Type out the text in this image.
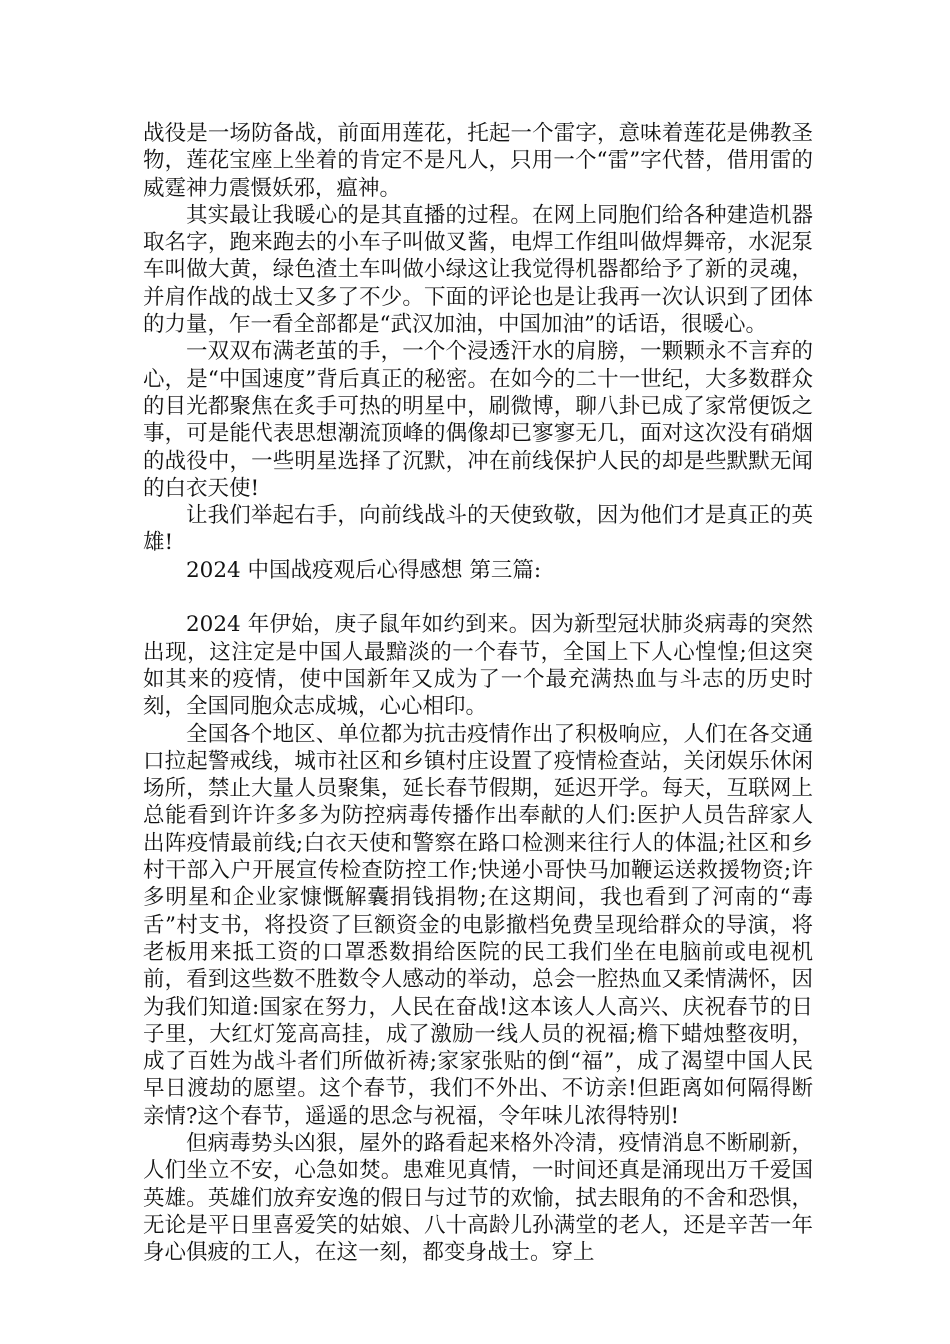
战役是一场防备战，前面用莲花，托起一个雷字，意味着莲花是佛教圣物，莲花宝座上坐着的肯定不是凡人，只用一个“雷”字代替，借用雷的威霆神力震慑妖邪，瘟神。

其实最让我暖心的是其直播的过程。在网上同胞们给各种建造机器取名字，跑来跑去的小车子叫做叉酱，电焊工作组叫做焊舞帝，水泥泵车叫做大黄，绿色渣土车叫做小绿这让我觉得机器都给予了新的灵魂，并肩作战的战士又多了不少。下面的评论也是让我再一次认识到了团体的力量，乍一看全部都是“武汉加油，中国加油”的话语，很暖心。

一双双布满老茧的手，一个个浸透汗水的肩膀，一颗颗永不言弃的心，是“中国速度”背后真正的秘密。在如今的二十一世纪，大多数群众的目光都聚焦在炙手可热的明星中，刷微博，聊八卦已成了家常便饭之事，可是能代表思想潮流顶峰的偶像却已寥寥无几，面对这次没有硝烟的战役中，一些明星选择了沉默，冲在前线保护人民的却是些默默无闻的白衣天使!

让我们举起右手，向前线战斗的天使致敬，因为他们才是真正的英雄!

2024 中国战疫观后心得感想 第三篇:

2024 年伊始，庚子鼠年如约到来。因为新型冠状肺炎病毒的突然出现，这注定是中国人最黯淡的一个春节，全国上下人心惶惶;但这突如其来的疫情，使中国新年又成为了一个最充满热血与斗志的历史时刻，全国同胞众志成城，心心相印。

全国各个地区、单位都为抗击疫情作出了积极响应，人们在各交通口拉起警戒线，城市社区和乡镇村庄设置了疫情检查站，关闭娱乐休闲场所，禁止大量人员聚集，延长春节假期，延迟开学。每天，互联网上总能看到许许多多为防控病毒传播作出奉献的人们:医护人员告辞家人出阵疫情最前线;白衣天使和警察在路口检测来往行人的体温;社区和乡村干部入户开展宣传检查防控工作;快递小哥快马加鞭运送救援物资;许多明星和企业家慷慨解囊捐钱捐物;在这期间，我也看到了河南的“毒舌”村支书，将投资了巨额资金的电影撤档免费呈现给群众的导演，将老板用来抵工资的口罩悉数捐给医院的民工我们坐在电脑前或电视机前，看到这些数不胜数令人感动的举动，总会一腔热血又柔情满怀，因为我们知道:国家在努力，人民在奋战!这本该人人高兴、庆祝春节的日子里，大红灯笼高高挂，成了激励一线人员的祝福;檐下蜡烛整夜明，成了百姓为战斗者们所做祈祷;家家张贴的倒“福”，成了渴望中国人民早日渡劫的愿望。这个春节，我们不外出、不访亲!但距离如何隔得断亲情?这个春节，遥遥的思念与祝福，令年味儿浓得特别!

但病毒势头凶狠，屋外的路看起来格外冷清，疫情消息不断刷新，人们坐立不安，心急如焚。患难见真情，一时间还真是涌现出万千爱国英雄。英雄们放弃安逸的假日与过节的欢愉，拭去眼角的不舍和恐惧，无论是平日里喜爱笑的姑娘、八十高龄儿孙满堂的老人，还是辛苦一年身心俱疲的工人，在这一刻，都变身战士。穿上
